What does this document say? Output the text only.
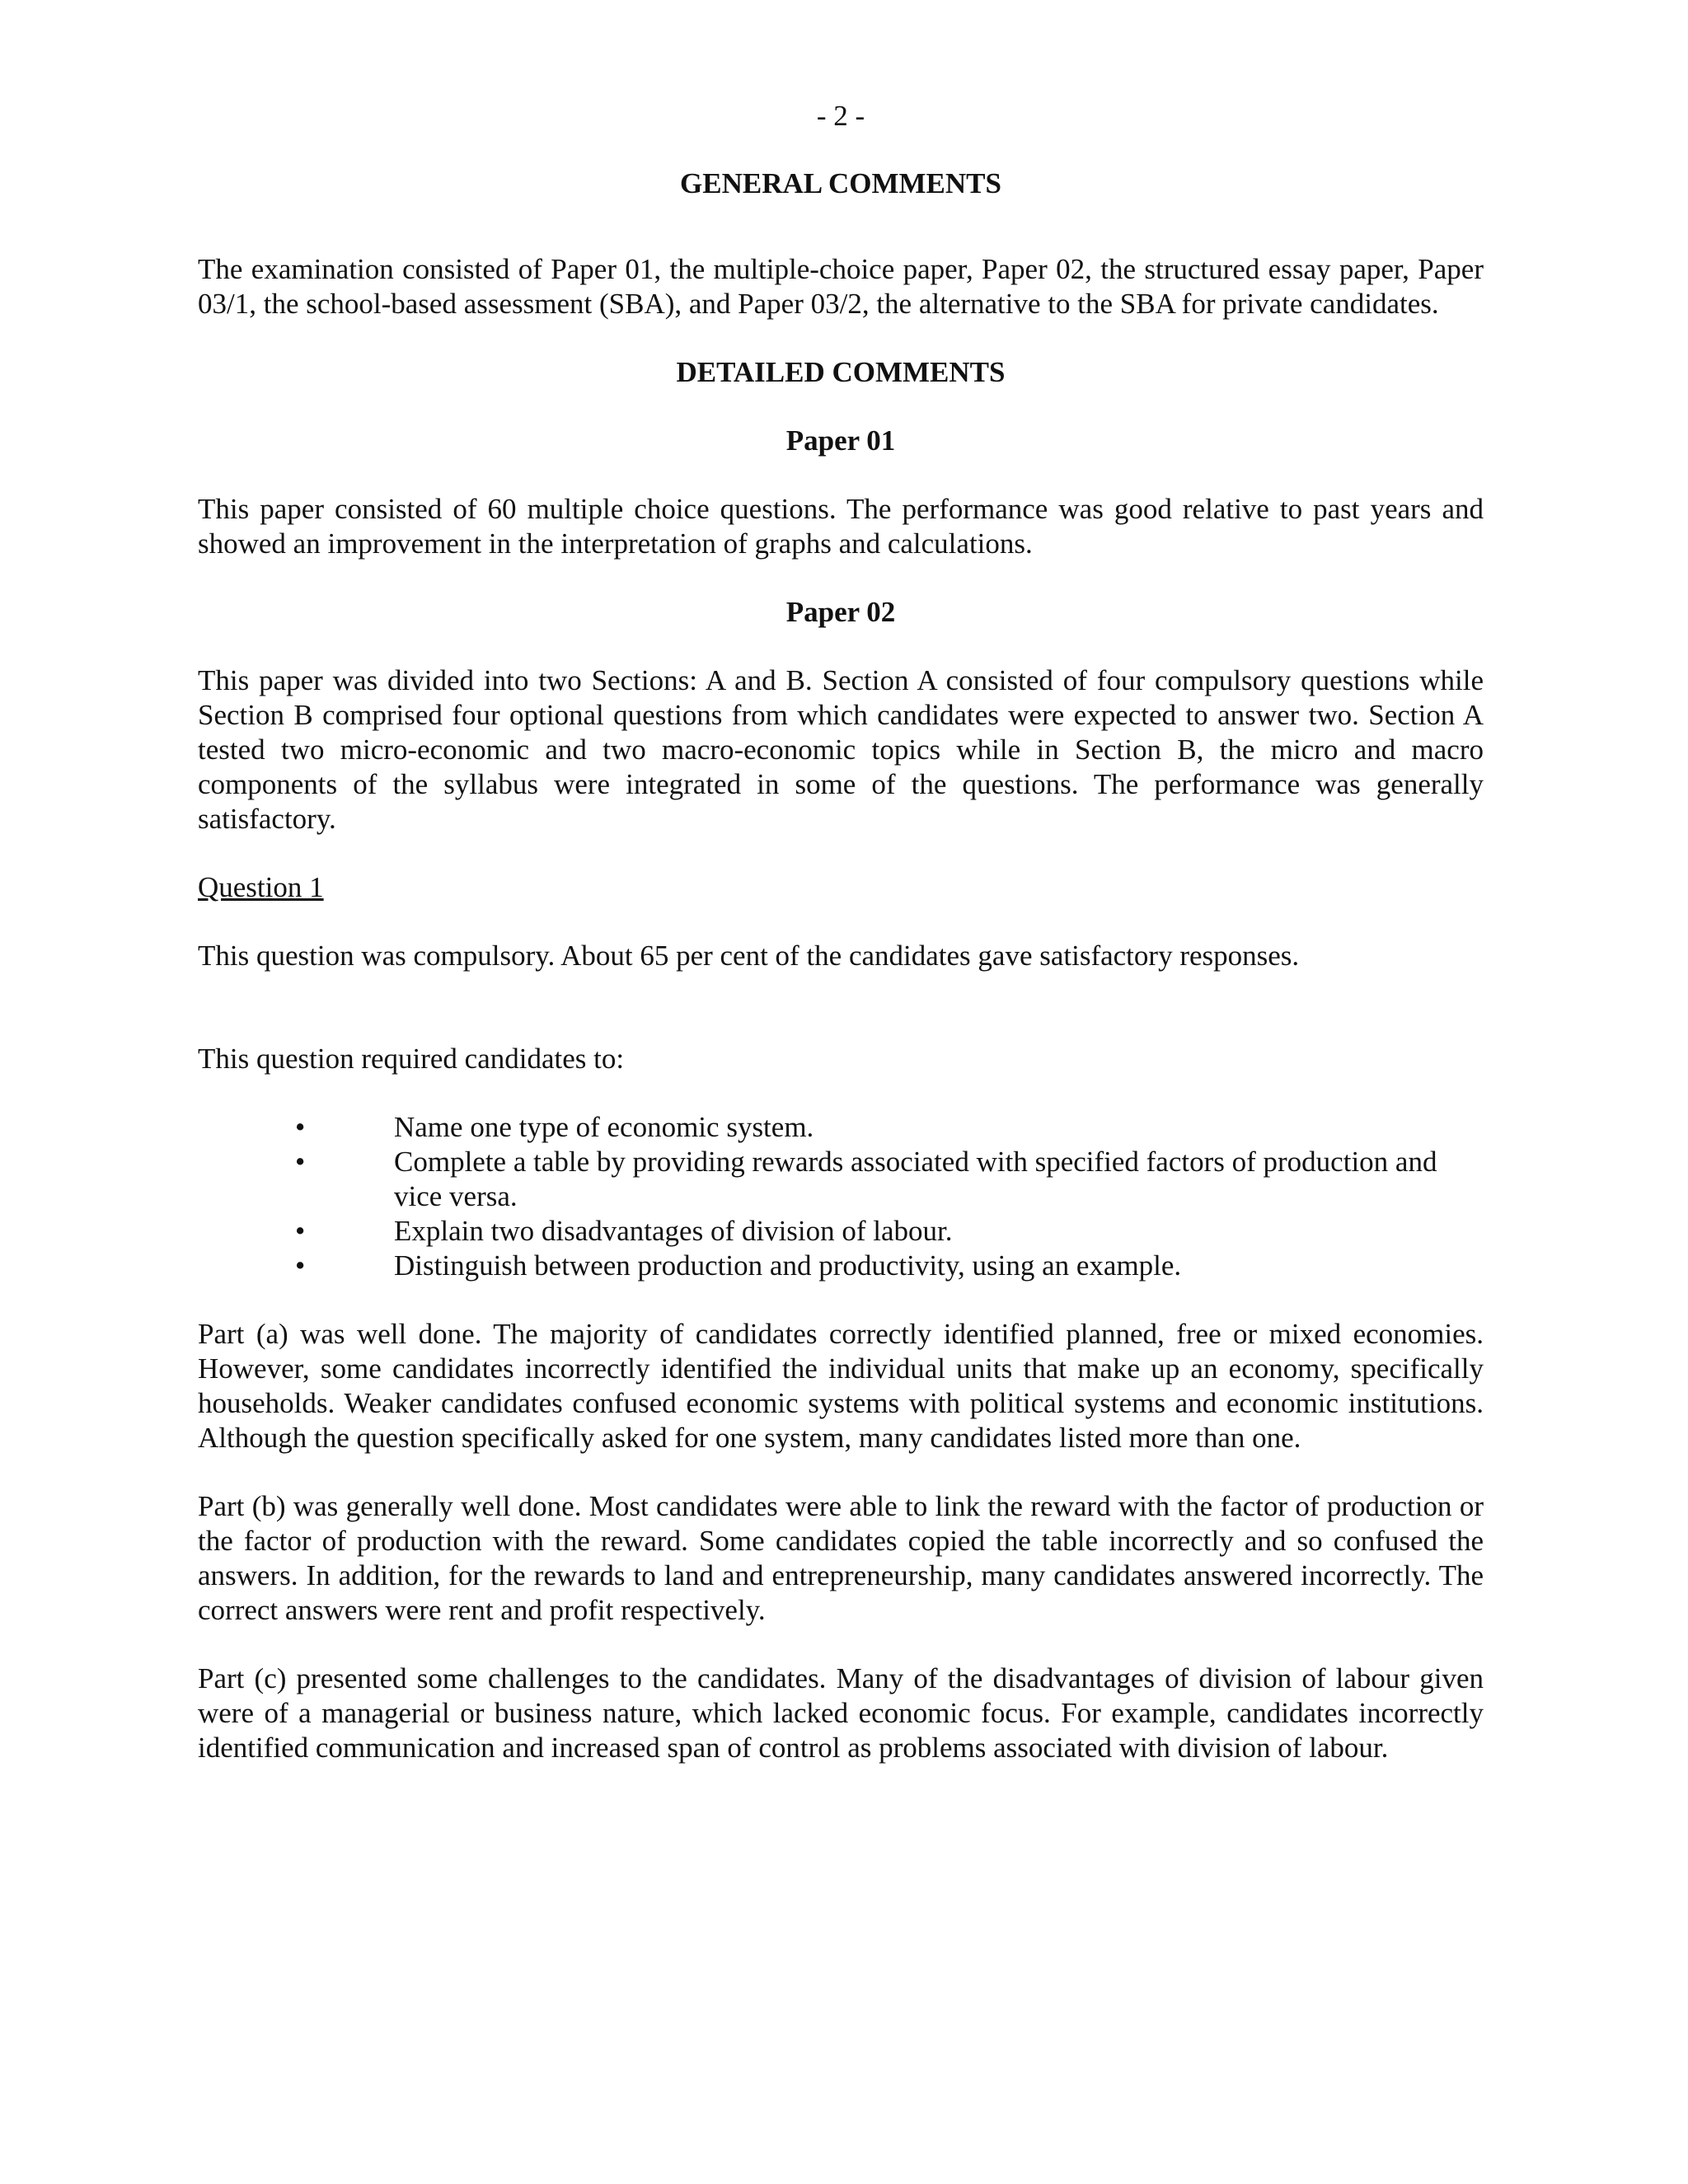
- 2 -
GENERAL COMMENTS

The examination consisted of Paper 01, the multiple-choice paper, Paper 02, the structured essay paper, Paper 03/1, the school-based assessment (SBA), and Paper 03/2, the alternative to the SBA for private candidates.

DETAILED COMMENTS
Paper 01

This paper consisted of 60 multiple choice questions. The performance was good relative to past years and showed an improvement in the interpretation of graphs and calculations.

Paper 02

This paper was divided into two Sections: A and B. Section A consisted of four compulsory questions while Section B comprised four optional questions from which candidates were expected to answer two. Section A tested two micro-economic and two macro-economic topics while in Section B, the micro and macro components of the syllabus were integrated in some of the questions. The performance was generally satisfactory.

Question 1

This question was compulsory. About 65 per cent of the candidates gave satisfactory responses.

This question required candidates to:

•	Name one type of economic system.
•	Complete a table by providing rewards associated with specified factors of production and vice versa.
•	Explain two disadvantages of division of labour.
•	Distinguish between production and productivity, using an example.

Part (a) was well done. The majority of candidates correctly identified planned, free or mixed economies. However, some candidates incorrectly identified the individual units that make up an economy, specifically households. Weaker candidates confused economic systems with political systems and economic institutions. Although the question specifically asked for one system, many candidates listed more than one.

Part (b) was generally well done. Most candidates were able to link the reward with the factor of production or the factor of production with the reward. Some candidates copied the table incorrectly and so confused the answers. In addition, for the rewards to land and entrepreneurship, many candidates answered incorrectly. The correct answers were rent and profit respectively.

Part (c) presented some challenges to the candidates. Many of the disadvantages of division of labour given were of a managerial or business nature, which lacked economic focus. For example, candidates incorrectly identified communication and increased span of control as problems associated with division of labour.
